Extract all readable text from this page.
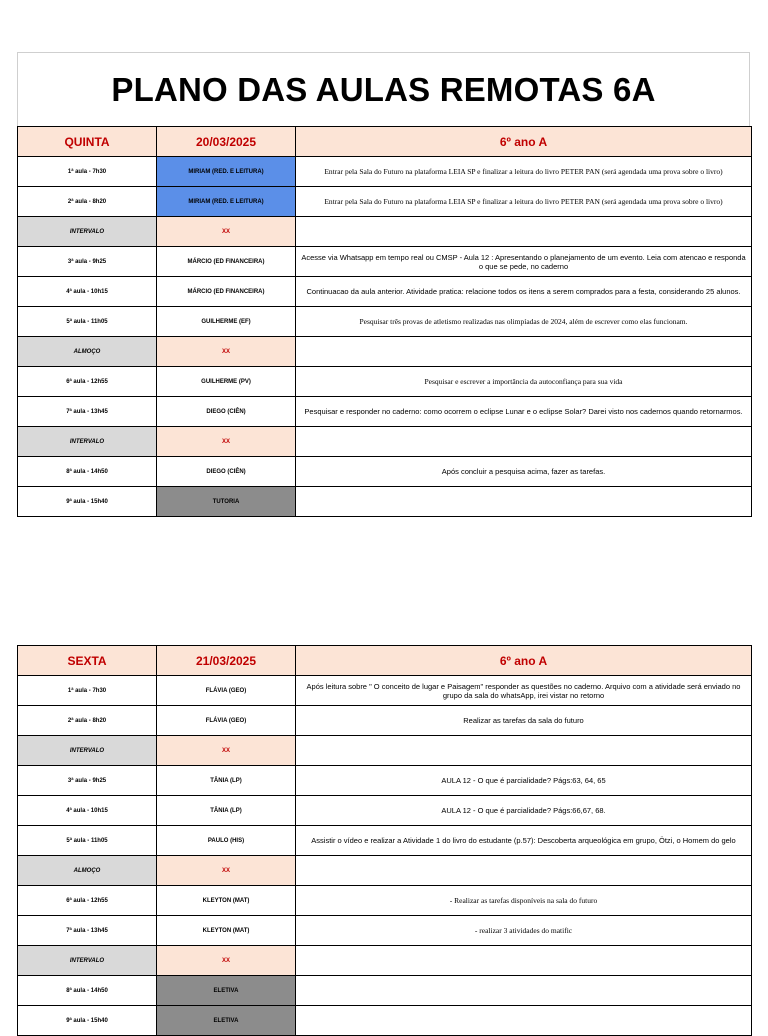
PLANO DAS AULAS REMOTAS 6A
QUINTA	20/03/2025	6º ano A
1ª aula - 7h30	MIRIAM (RED. E LEITURA)	Entrar pela Sala do Futuro na plataforma LEIA SP e finalizar a leitura do livro PETER PAN (será agendada uma prova sobre o livro)
2ª aula - 8h20	MIRIAM (RED. E LEITURA)	Entrar pela Sala do Futuro na plataforma LEIA SP e finalizar a leitura do livro PETER PAN (será agendada uma prova sobre o livro)
INTERVALO	XX	
3ª aula - 9h25	MÁRCIO (ED FINANCEIRA)	Acesse via Whatsapp em tempo real ou CMSP - Aula 12 : Apresentando o planejamento de um evento. Leia com atencao e responda o que se pede, no caderno
4ª aula - 10h15	MÁRCIO (ED FINANCEIRA)	Continuacao da aula anterior. Atividade pratica: relacione todos os itens a serem comprados para a festa, considerando 25 alunos.
5ª aula - 11h05	GUILHERME (EF)	Pesquisar três provas de atletismo realizadas nas olimpíadas de 2024, além de escrever como elas funcionam.
ALMOÇO	XX	
6ª aula - 12h55	GUILHERME (PV)	Pesquisar e escrever a importância da autoconfiança para sua vida
7ª aula - 13h45	DIEGO (CIÊN)	Pesquisar e responder no caderno: como ocorrem o eclipse Lunar e o eclipse Solar? Darei visto nos cadernos quando retornarmos.
INTERVALO	XX	
8ª aula - 14h50	DIEGO (CIÊN)	Após concluir a pesquisa acima, fazer as tarefas.
9ª aula - 15h40	TUTORIA	
SEXTA	21/03/2025	6º ano A
1ª aula - 7h30	FLÁVIA (GEO)	Após leitura sobre " O conceito de lugar e Paisagem" responder as questões no caderno. Arquivo com a atividade será enviado no grupo da sala do whatsApp, irei vistar no retorno
2ª aula - 8h20	FLÁVIA (GEO)	Realizar as tarefas da sala do futuro
INTERVALO	XX	
3ª aula - 9h25	TÂNIA (LP)	AULA 12 - O que é parcialidade? Págs:63, 64, 65
4ª aula - 10h15	TÂNIA (LP)	AULA 12 - O que é parcialidade? Págs:66,67, 68.
5ª aula - 11h05	PAULO (HIS)	Assistir o vídeo e realizar a Atividade 1 do livro do estudante (p.57): Descoberta arqueológica em grupo, Ötzi, o Homem do gelo
ALMOÇO	XX	
6ª aula - 12h55	KLEYTON (MAT)	- Realizar as tarefas disponíveis na sala do futuro
7ª aula - 13h45	KLEYTON (MAT)	- realizar 3 atividades do matific
INTERVALO	XX	
8ª aula - 14h50	ELETIVA	
9ª aula - 15h40	ELETIVA	
